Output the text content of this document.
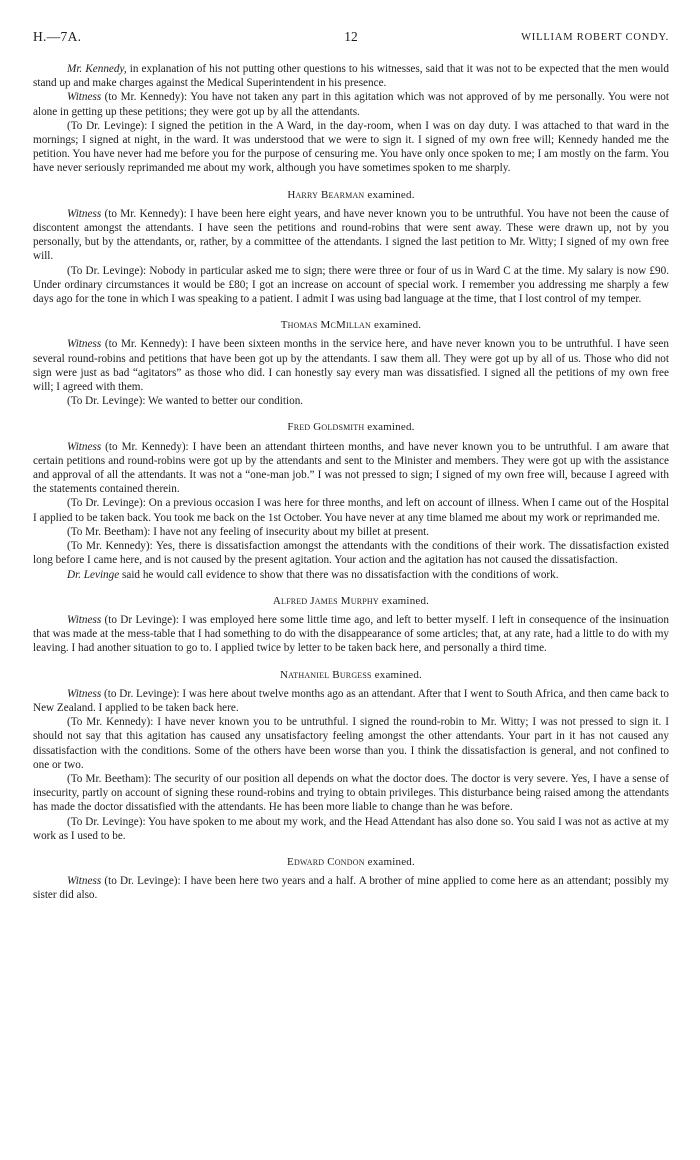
H.—7A.	12	WILLIAM ROBERT CONDY.

Mr. Kennedy, in explanation of his not putting other questions to his witnesses, said that it was not to be expected that the men would stand up and make charges against the Medical Superintendent in his presence.

Witness (to Mr. Kennedy): You have not taken any part in this agitation which was not approved of by me personally. You were not alone in getting up these petitions; they were got up by all the attendants.

(To Dr. Levinge): I signed the petition in the A Ward, in the day-room, when I was on day duty. I was attached to that ward in the mornings; I signed at night, in the ward. It was understood that we were to sign it. I signed of my own free will; Kennedy handed me the petition. You have never had me before you for the purpose of censuring me. You have only once spoken to me; I am mostly on the farm. You have never seriously reprimanded me about my work, although you have sometimes spoken to me sharply.

Harry Bearman examined.

Witness (to Mr. Kennedy): I have been here eight years, and have never known you to be untruthful. You have not been the cause of discontent amongst the attendants. I have seen the petitions and round-robins that were sent away. These were drawn up, not by you personally, but by the attendants, or, rather, by a committee of the attendants. I signed the last petition to Mr. Witty; I signed of my own free will.

(To Dr. Levinge): Nobody in particular asked me to sign; there were three or four of us in Ward C at the time. My salary is now £90. Under ordinary circumstances it would be £80; I got an increase on account of special work. I remember you addressing me sharply a few days ago for the tone in which I was speaking to a patient. I admit I was using bad language at the time, that I lost control of my temper.

Thomas McMillan examined.

Witness (to Mr. Kennedy): I have been sixteen months in the service here, and have never known you to be untruthful. I have seen several round-robins and petitions that have been got up by the attendants. I saw them all. They were got up by all of us. Those who did not sign were just as bad “agitators” as those who did. I can honestly say every man was dissatisfied. I signed all the petitions of my own free will; I agreed with them.

(To Dr. Levinge): We wanted to better our condition.

Fred Goldsmith examined.

Witness (to Mr. Kennedy): I have been an attendant thirteen months, and have never known you to be untruthful. I am aware that certain petitions and round-robins were got up by the attendants and sent to the Minister and members. They were got up with the assistance and approval of all the attendants. It was not a “one-man job.” I was not pressed to sign; I signed of my own free will, because I agreed with the statements contained therein.

(To Dr. Levinge): On a previous occasion I was here for three months, and left on account of illness. When I came out of the Hospital I applied to be taken back. You took me back on the 1st October. You have never at any time blamed me about my work or reprimanded me.

(To Mr. Beetham): I have not any feeling of insecurity about my billet at present.

(To Mr. Kennedy): Yes, there is dissatisfaction amongst the attendants with the conditions of their work. The dissatisfaction existed long before I came here, and is not caused by the present agitation. Your action and the agitation has not caused the dissatisfaction.

Dr. Levinge said he would call evidence to show that there was no dissatisfaction with the conditions of work.

Alfred James Murphy examined.

Witness (to Dr Levinge): I was employed here some little time ago, and left to better myself. I left in consequence of the insinuation that was made at the mess-table that I had something to do with the disappearance of some articles; that, at any rate, had a little to do with my leaving. I had another situation to go to. I applied twice by letter to be taken back here, and personally a third time.

Nathaniel Burgess examined.

Witness (to Dr. Levinge): I was here about twelve months ago as an attendant. After that I went to South Africa, and then came back to New Zealand. I applied to be taken back here.

(To Mr. Kennedy): I have never known you to be untruthful. I signed the round-robin to Mr. Witty; I was not pressed to sign it. I should not say that this agitation has caused any unsatisfactory feeling amongst the other attendants. Your part in it has not caused any dissatisfaction with the conditions. Some of the others have been worse than you. I think the dissatisfaction is general, and not confined to one or two.

(To Mr. Beetham): The security of our position all depends on what the doctor does. The doctor is very severe. Yes, I have a sense of insecurity, partly on account of signing these round-robins and trying to obtain privileges. This disturbance being raised among the attendants has made the doctor dissatisfied with the attendants. He has been more liable to change than he was before.

(To Dr. Levinge): You have spoken to me about my work, and the Head Attendant has also done so. You said I was not as active at my work as I used to be.

Edward Condon examined.

Witness (to Dr. Levinge): I have been here two years and a half. A brother of mine applied to come here as an attendant; possibly my sister did also.
